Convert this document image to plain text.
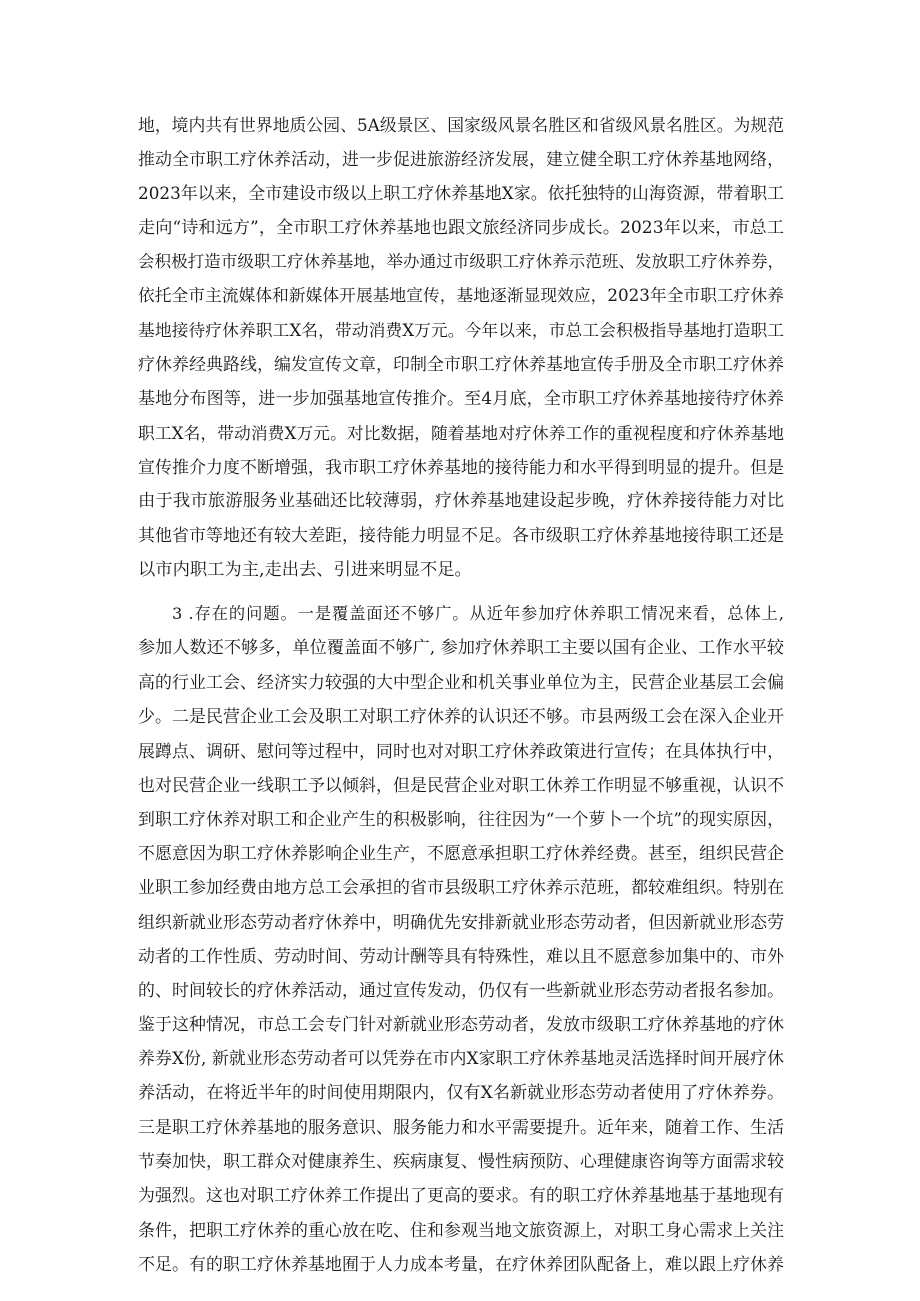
地，境内共有世界地质公园、5A级景区、国家级风景名胜区和省级风景名胜区。为规范
推动全市职工疗休养活动，进一步促进旅游经济发展，建立健全职工疗休养基地网络，
2023年以来，全市建设市级以上职工疗休养基地X家。依托独特的山海资源，带着职工
走向“诗和远方”，全市职工疗休养基地也跟文旅经济同步成长。2023年以来，市总工
会积极打造市级职工疗休养基地，举办通过市级职工疗休养示范班、发放职工疗休养券，
依托全市主流媒体和新媒体开展基地宣传，基地逐渐显现效应，2023年全市职工疗休养
基地接待疗休养职工X名，带动消费X万元。今年以来，市总工会积极指导基地打造职工
疗休养经典路线，编发宣传文章，印制全市职工疗休养基地宣传手册及全市职工疗休养
基地分布图等，进一步加强基地宣传推介。至4月底，全市职工疗休养基地接待疗休养
职工X名，带动消费X万元。对比数据，随着基地对疗休养工作的重视程度和疗休养基地
宣传推介力度不断增强，我市职工疗休养基地的接待能力和水平得到明显的提升。但是
由于我市旅游服务业基础还比较薄弱，疗休养基地建设起步晚，疗休养接待能力对比
其他省市等地还有较大差距，接待能力明显不足。各市级职工疗休养基地接待职工还是
以市内职工为主,走出去、引进来明显不足。

3 .存在的问题。一是覆盖面还不够广。从近年参加疗休养职工情况来看，总体上,
参加人数还不够多，单位覆盖面不够广, 参加疗休养职工主要以国有企业、工作水平较
高的行业工会、经济实力较强的大中型企业和机关事业单位为主，民营企业基层工会偏
少。二是民营企业工会及职工对职工疗休养的认识还不够。市县两级工会在深入企业开
展蹲点、调研、慰问等过程中，同时也对对职工疗休养政策进行宣传；在具体执行中，
也对民营企业一线职工予以倾斜，但是民营企业对职工休养工作明显不够重视，认识不
到职工疗休养对职工和企业产生的积极影响，往往因为“一个萝卜一个坑”的现实原因，
不愿意因为职工疗休养影响企业生产，不愿意承担职工疗休养经费。甚至，组织民营企
业职工参加经费由地方总工会承担的省市县级职工疗休养示范班，都较难组织。特别在
组织新就业形态劳动者疗休养中，明确优先安排新就业形态劳动者，但因新就业形态劳
动者的工作性质、劳动时间、劳动计酬等具有特殊性，难以且不愿意参加集中的、市外
的、时间较长的疗休养活动，通过宣传发动，仍仅有一些新就业形态劳动者报名参加。
鉴于这种情况，市总工会专门针对新就业形态劳动者，发放市级职工疗休养基地的疗休
养券X份, 新就业形态劳动者可以凭券在市内X家职工疗休养基地灵活选择时间开展疗休
养活动，在将近半年的时间使用期限内，仅有X名新就业形态劳动者使用了疗休养券。
三是职工疗休养基地的服务意识、服务能力和水平需要提升。近年来，随着工作、生活
节奏加快，职工群众对健康养生、疾病康复、慢性病预防、心理健康咨询等方面需求较
为强烈。这也对职工疗休养工作提出了更高的要求。有的职工疗休养基地基于基地现有
条件，把职工疗休养的重心放在吃、住和参观当地文旅资源上，对职工身心需求上关注
不足。有的职工疗休养基地囿于人力成本考量，在疗休养团队配备上，难以跟上疗休养
